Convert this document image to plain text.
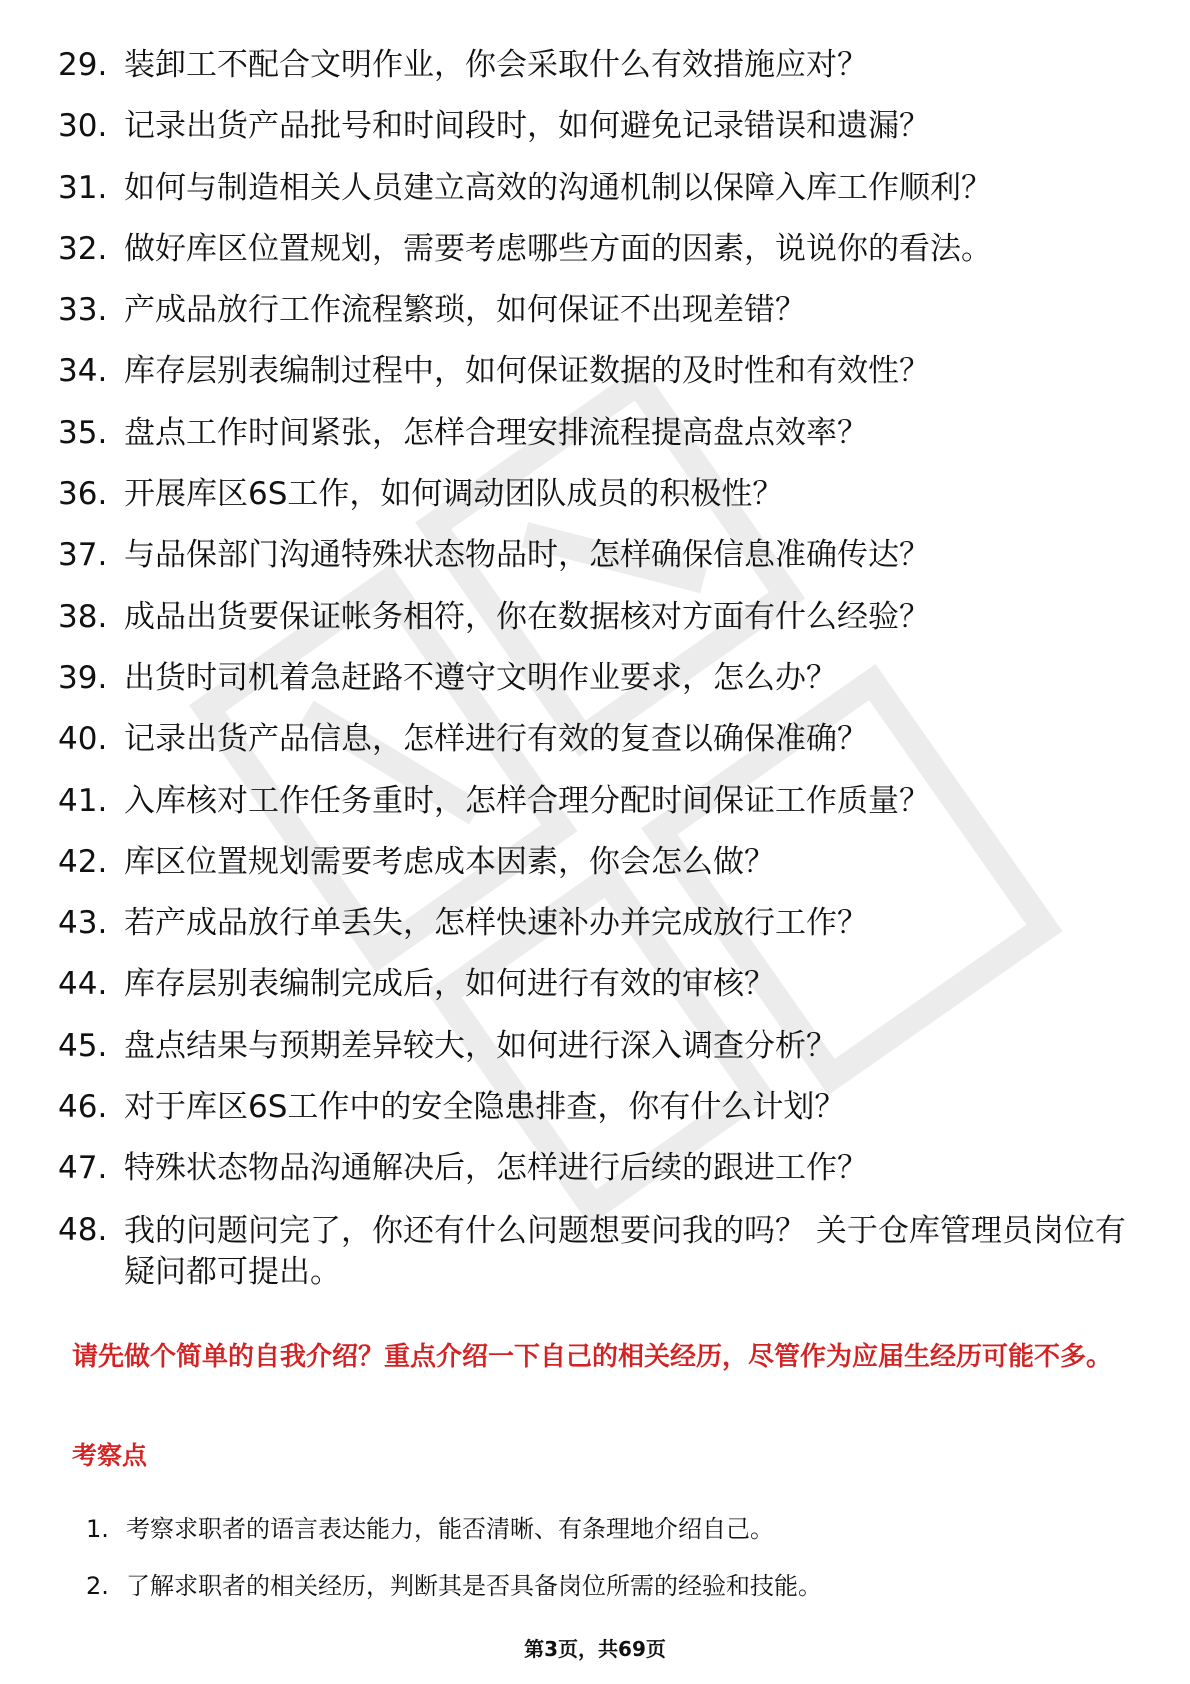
29. 装卸工不配合文明作业，你会采取什么有效措施应对？
30. 记录出货产品批号和时间段时，如何避免记录错误和遗漏？
31. 如何与制造相关人员建立高效的沟通机制以保障入库工作顺利？
32. 做好库区位置规划，需要考虑哪些方面的因素，说说你的看法。
33. 产成品放行工作流程繁琐，如何保证不出现差错？
34. 库存层别表编制过程中，如何保证数据的及时性和有效性？
35. 盘点工作时间紧张，怎样合理安排流程提高盘点效率？
36. 开展库区6S工作，如何调动团队成员的积极性？
37. 与品保部门沟通特殊状态物品时，怎样确保信息准确传达？
38. 成品出货要保证帐务相符，你在数据核对方面有什么经验？
39. 出货时司机着急赶路不遵守文明作业要求，怎么办？
40. 记录出货产品信息，怎样进行有效的复查以确保准确？
41. 入库核对工作任务重时，怎样合理分配时间保证工作质量？
42. 库区位置规划需要考虑成本因素，你会怎么做？
43. 若产成品放行单丢失，怎样快速补办并完成放行工作？
44. 库存层别表编制完成后，如何进行有效的审核？
45. 盘点结果与预期差异较大，如何进行深入调查分析？
46. 对于库区6S工作中的安全隐患排查，你有什么计划？
47. 特殊状态物品沟通解决后，怎样进行后续的跟进工作？
48. 我的问题问完了，你还有什么问题想要问我的吗？ 关于仓库管理员岗位有疑问都可提出。
请先做个简单的自我介绍？重点介绍一下自己的相关经历，尽管作为应届生经历可能不多。
考察点
1. 考察求职者的语言表达能力，能否清晰、有条理地介绍自己。
2. 了解求职者的相关经历，判断其是否具备岗位所需的经验和技能。
第3页，共69页
